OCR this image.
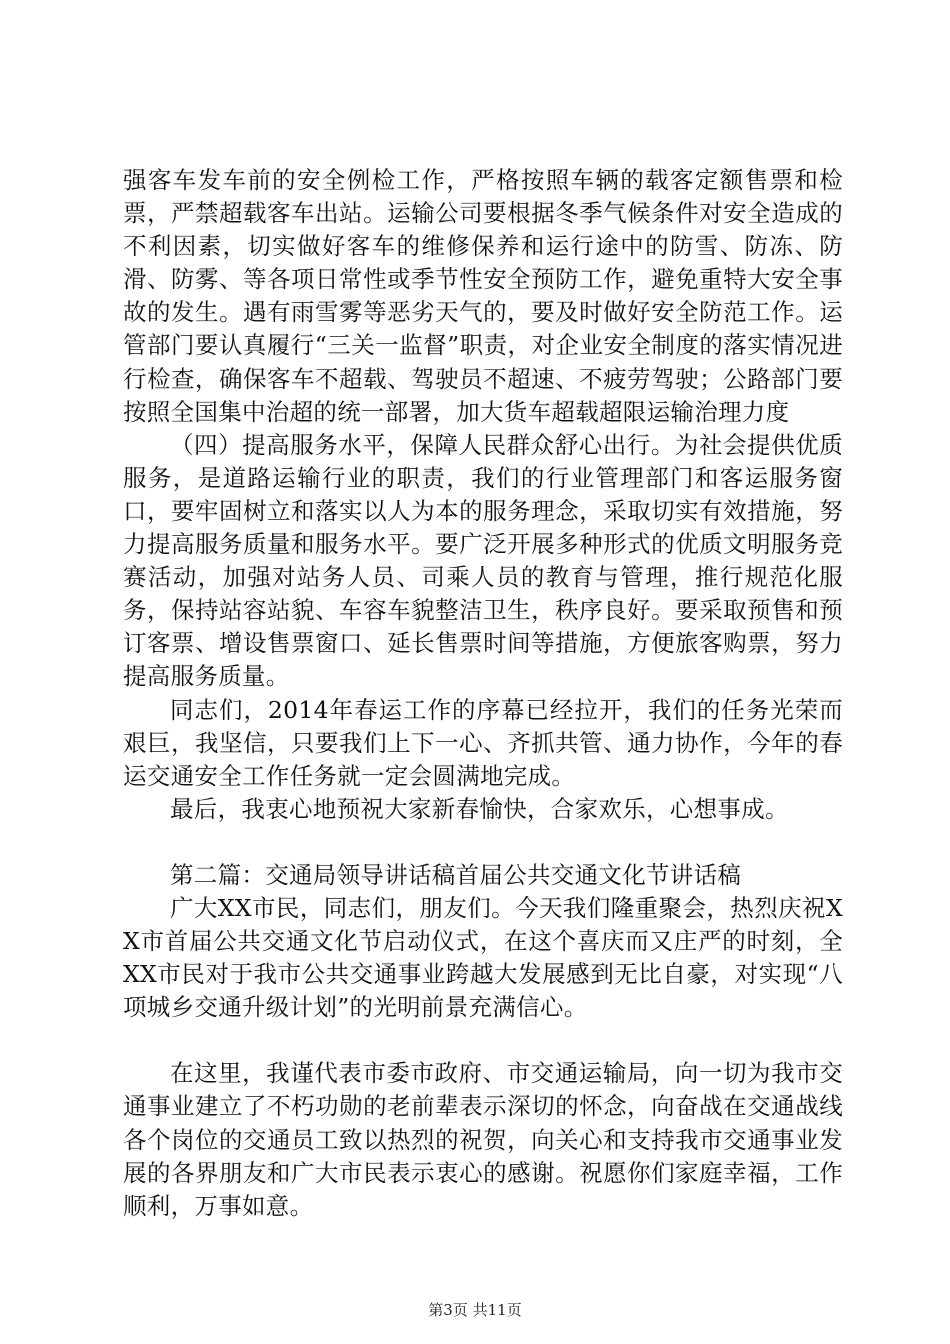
强客车发车前的安全例检工作，严格按照车辆的载客定额售票和检票，严禁超载客车出站。运输公司要根据冬季气候条件对安全造成的不利因素，切实做好客车的维修保养和运行途中的防雪、防冻、防滑、防雾、等各项日常性或季节性安全预防工作，避免重特大安全事故的发生。遇有雨雪雾等恶劣天气的，要及时做好安全防范工作。运管部门要认真履行“三关一监督”职责，对企业安全制度的落实情况进行检查，确保客车不超载、驾驶员不超速、不疲劳驾驶；公路部门要按照全国集中治超的统一部署，加大货车超载超限运输治理力度

（四）提高服务水平，保障人民群众舒心出行。为社会提供优质服务，是道路运输行业的职责，我们的行业管理部门和客运服务窗口，要牢固树立和落实以人为本的服务理念，采取切实有效措施，努力提高服务质量和服务水平。要广泛开展多种形式的优质文明服务竞赛活动，加强对站务人员、司乘人员的教育与管理，推行规范化服务，保持站容站貌、车容车貌整洁卫生，秩序良好。要采取预售和预订客票、增设售票窗口、延长售票时间等措施，方便旅客购票，努力提高服务质量。

同志们，2014年春运工作的序幕已经拉开，我们的任务光荣而艰巨，我坚信，只要我们上下一心、齐抓共管、通力协作，今年的春运交通安全工作任务就一定会圆满地完成。

最后，我衷心地预祝大家新春愉快，合家欢乐，心想事成。

第二篇：交通局领导讲话稿首届公共交通文化节讲话稿

广大XX市民，同志们，朋友们。今天我们隆重聚会，热烈庆祝XX市首届公共交通文化节启动仪式，在这个喜庆而又庄严的时刻，全XX市民对于我市公共交通事业跨越大发展感到无比自豪，对实现“八项城乡交通升级计划”的光明前景充满信心。

在这里，我谨代表市委市政府、市交通运输局，向一切为我市交通事业建立了不朽功勋的老前辈表示深切的怀念，向奋战在交通战线各个岗位的交通员工致以热烈的祝贺，向关心和支持我市交通事业发展的各界朋友和广大市民表示衷心的感谢。祝愿你们家庭幸福，工作顺利，万事如意。

第3页 共11页
